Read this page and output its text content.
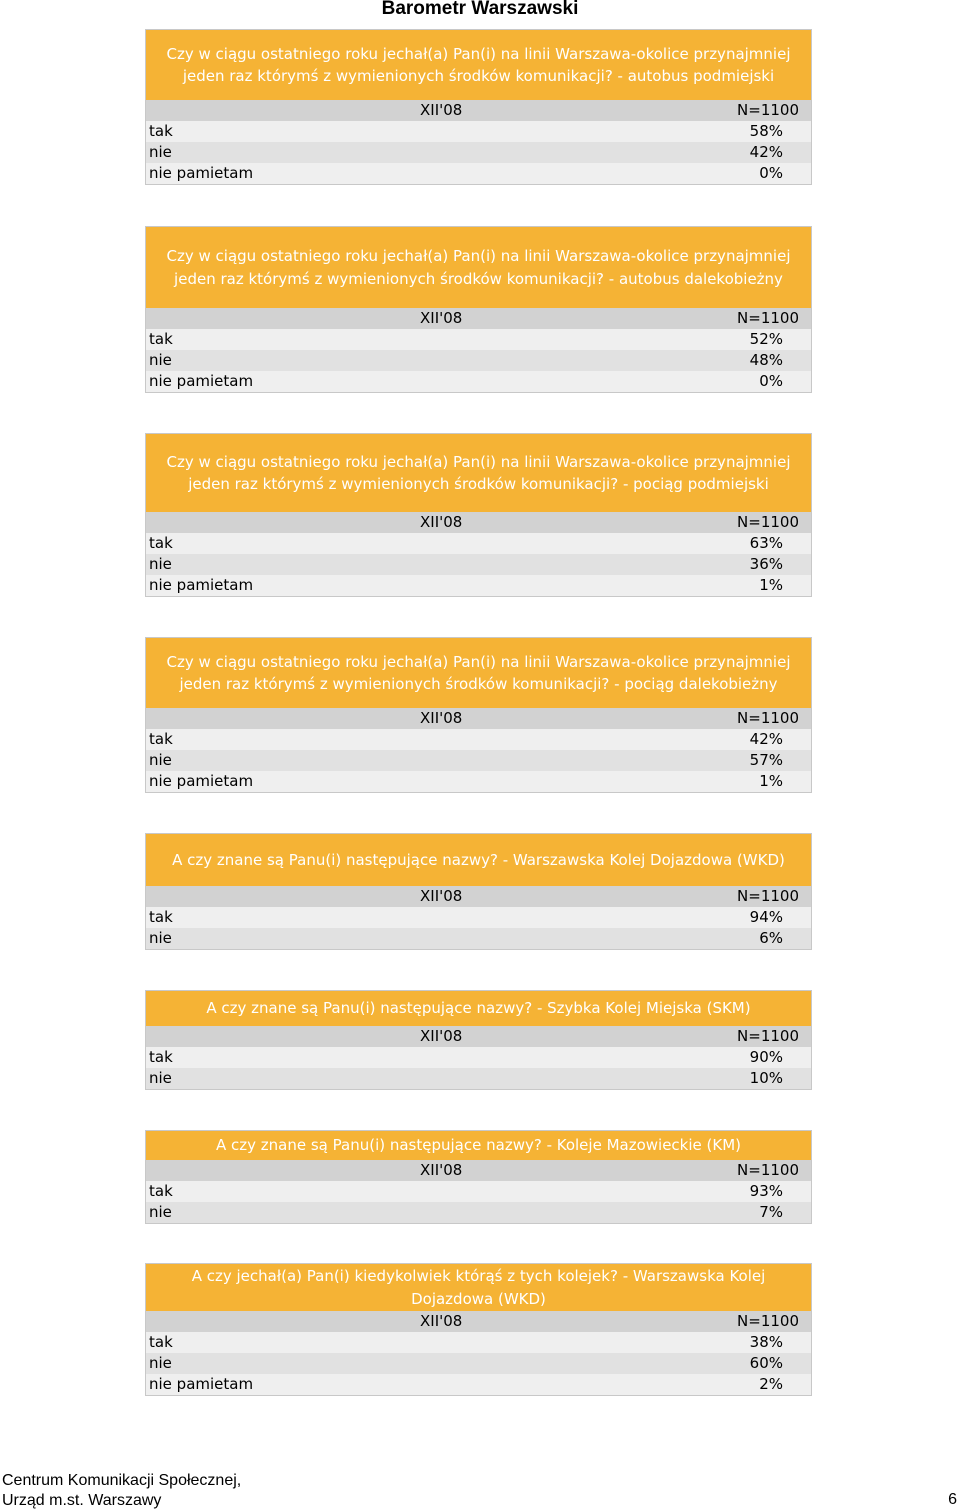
Barometr Warszawski
Czy w ciągu ostatniego roku jechał(a) Pan(i) na linii Warszawa-okolice przynajmniej jeden raz którymś z wymienionych środków komunikacji? - autobus podmiejski
XII'08	N=1100
tak	58%
nie	42%
nie pamietam	0%
Czy w ciągu ostatniego roku jechał(a) Pan(i) na linii Warszawa-okolice przynajmniej jeden raz którymś z wymienionych środków komunikacji? - autobus dalekobieżny
XII'08	N=1100
tak	52%
nie	48%
nie pamietam	0%
Czy w ciągu ostatniego roku jechał(a) Pan(i) na linii Warszawa-okolice przynajmniej jeden raz którymś z wymienionych środków komunikacji? - pociąg podmiejski
XII'08	N=1100
tak	63%
nie	36%
nie pamietam	1%
Czy w ciągu ostatniego roku jechał(a) Pan(i) na linii Warszawa-okolice przynajmniej jeden raz którymś z wymienionych środków komunikacji? - pociąg dalekobieżny
XII'08	N=1100
tak	42%
nie	57%
nie pamietam	1%
A czy znane są Panu(i) następujące nazwy? - Warszawska Kolej Dojazdowa (WKD)
XII'08	N=1100
tak	94%
nie	6%
A czy znane są Panu(i) następujące nazwy? - Szybka Kolej Miejska (SKM)
XII'08	N=1100
tak	90%
nie	10%
A czy znane są Panu(i) następujące nazwy? - Koleje Mazowieckie (KM)
XII'08	N=1100
tak	93%
nie	7%
A czy jechał(a) Pan(i) kiedykolwiek którąś z tych kolejek? - Warszawska Kolej Dojazdowa (WKD)
XII'08	N=1100
tak	38%
nie	60%
nie pamietam	2%
Centrum Komunikacji Społecznej,
Urząd m.st. Warszawy	6
